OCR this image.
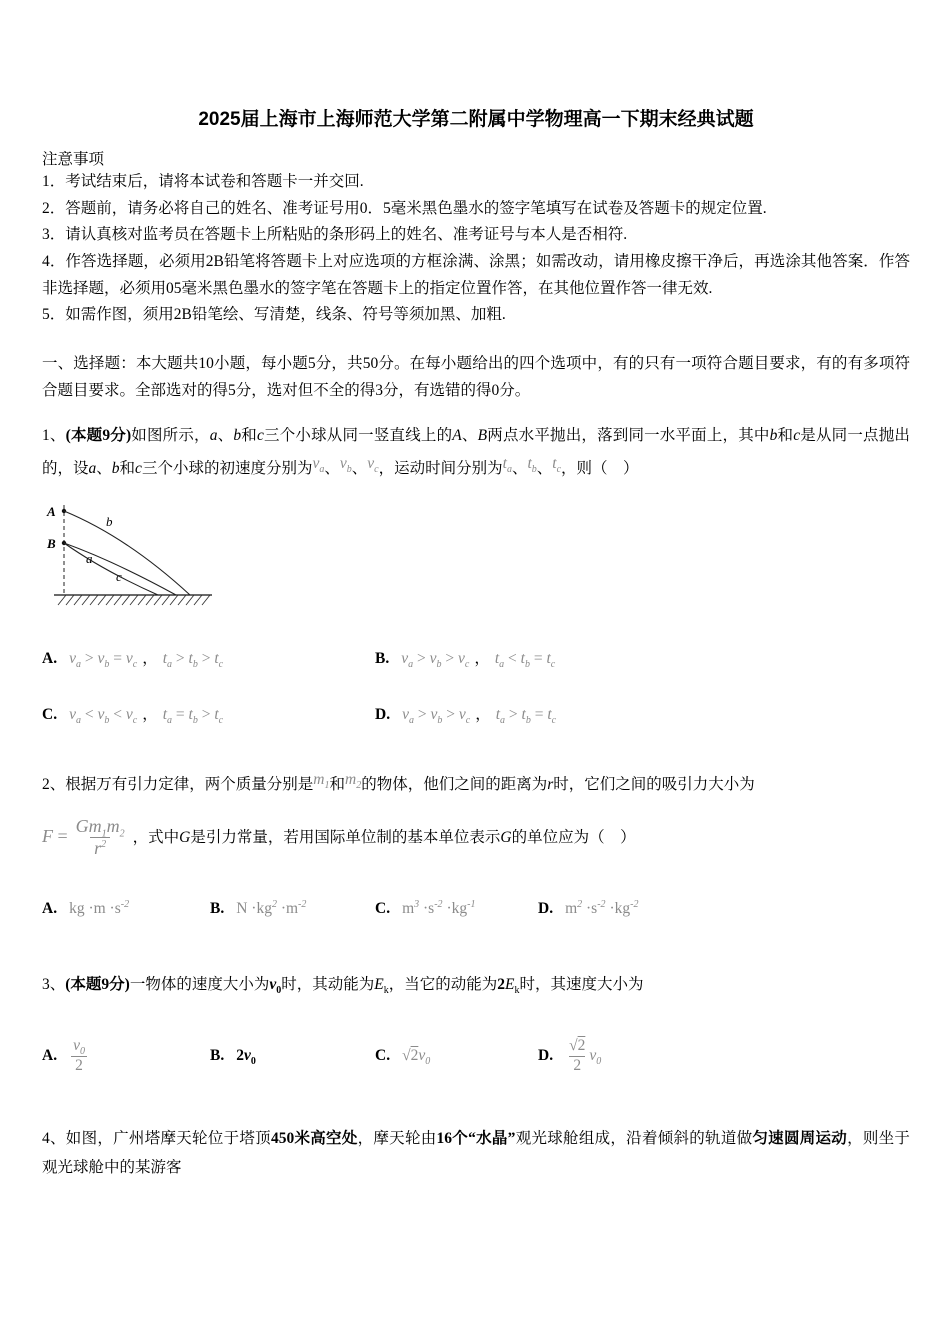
2025届上海市上海师范大学第二附属中学物理高一下期末经典试题

注意事项

1．考试结束后，请将本试卷和答题卡一并交回.

2．答题前，请务必将自己的姓名、准考证号用0．5毫米黑色墨水的签字笔填写在试卷及答题卡的规定位置.

3．请认真核对监考员在答题卡上所粘贴的条形码上的姓名、准考证号与本人是否相符.

4．作答选择题，必须用2B铅笔将答题卡上对应选项的方框涂满、涂黑；如需改动，请用橡皮擦干净后，再选涂其他答案．作答非选择题，必须用05毫米黑色墨水的签字笔在答题卡上的指定位置作答，在其他位置作答一律无效.

5．如需作图，须用2B铅笔绘、写清楚，线条、符号等须加黑、加粗.

一、选择题：本大题共10小题，每小题5分，共50分。在每小题给出的四个选项中，有的只有一项符合题目要求，有的有多项符合题目要求。全部选对的得5分，选对但不全的得3分，有选错的得0分。

1、(本题9分)如图所示，a、b和c三个小球从同一竖直线上的A、B两点水平抛出，落到同一水平面上，其中b和c是从同一点抛出的，设a、b和c三个小球的初速度分别为$v_a$、$v_b$、$v_c$，运动时间分别为$t_a$、$t_b$、$t_c$，则（　）

A
B
b
a
c
A. $v_a > v_b = v_c$ ， $t_a > t_b > t_c$	B. $v_a > v_b > v_c$ ， $t_a < t_b = t_c$
C. $v_a < v_b < v_c$ ， $t_a = t_b > t_c$	D. $v_a > v_b > v_c$ ， $t_a > t_b = t_c$

2、根据万有引力定律，两个质量分别是$m_1$和$m_2$的物体，他们之间的距离为r时，它们之间的吸引力大小为

$F = \frac{Gm_1m_2}{r^2}$ ，式中G是引力常量，若用国际单位制的基本单位表示G的单位应为（　）
A. kg $\cdot m \cdot s^{-2}$	B. $N \cdot kg^2 \cdot m^{-2}$	C. $m^3 \cdot s^{-2} \cdot kg^{-1}$	D. $m^2 \cdot s^{-2} \cdot kg^{-2}$

3、(本题9分)一物体的速度大小为$v_0$时，其动能为$E_k$，当它的动能为$2E_k$时，其速度大小为

A. $\frac{v_0}{2}$	B. $2v_0$	C. $√2v_0$	D. $\frac{√2}{2} v_0$

4、如图，广州塔摩天轮位于塔顶450米高空处，摩天轮由16个“水晶”观光球舱组成，沿着倾斜的轨道做匀速圆周运动，则坐于观光球舱中的某游客
